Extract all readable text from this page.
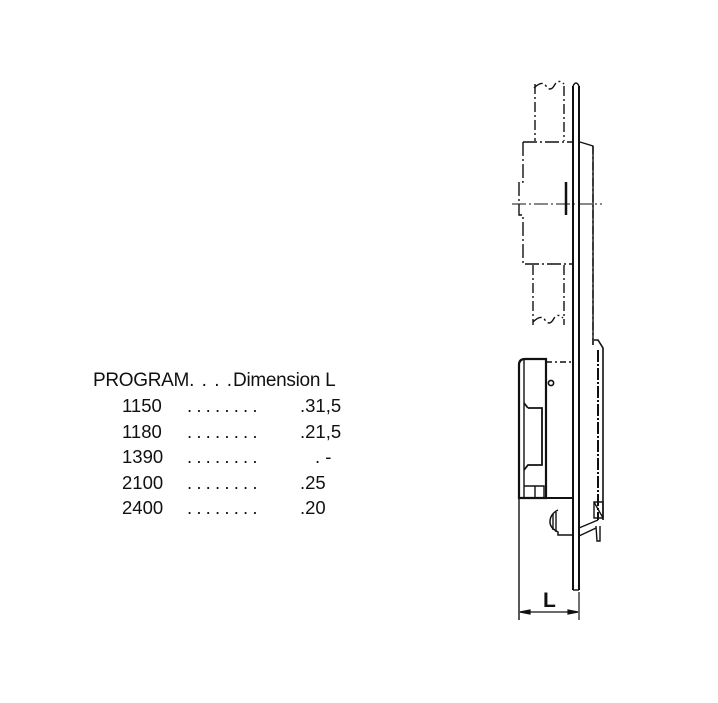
PROGRAM. . . .Dimension L
1150 ........ .31,5
1180 ........ .21,5
1390 ........	. -
2100 ........ .25
2400 ........ .20
L
